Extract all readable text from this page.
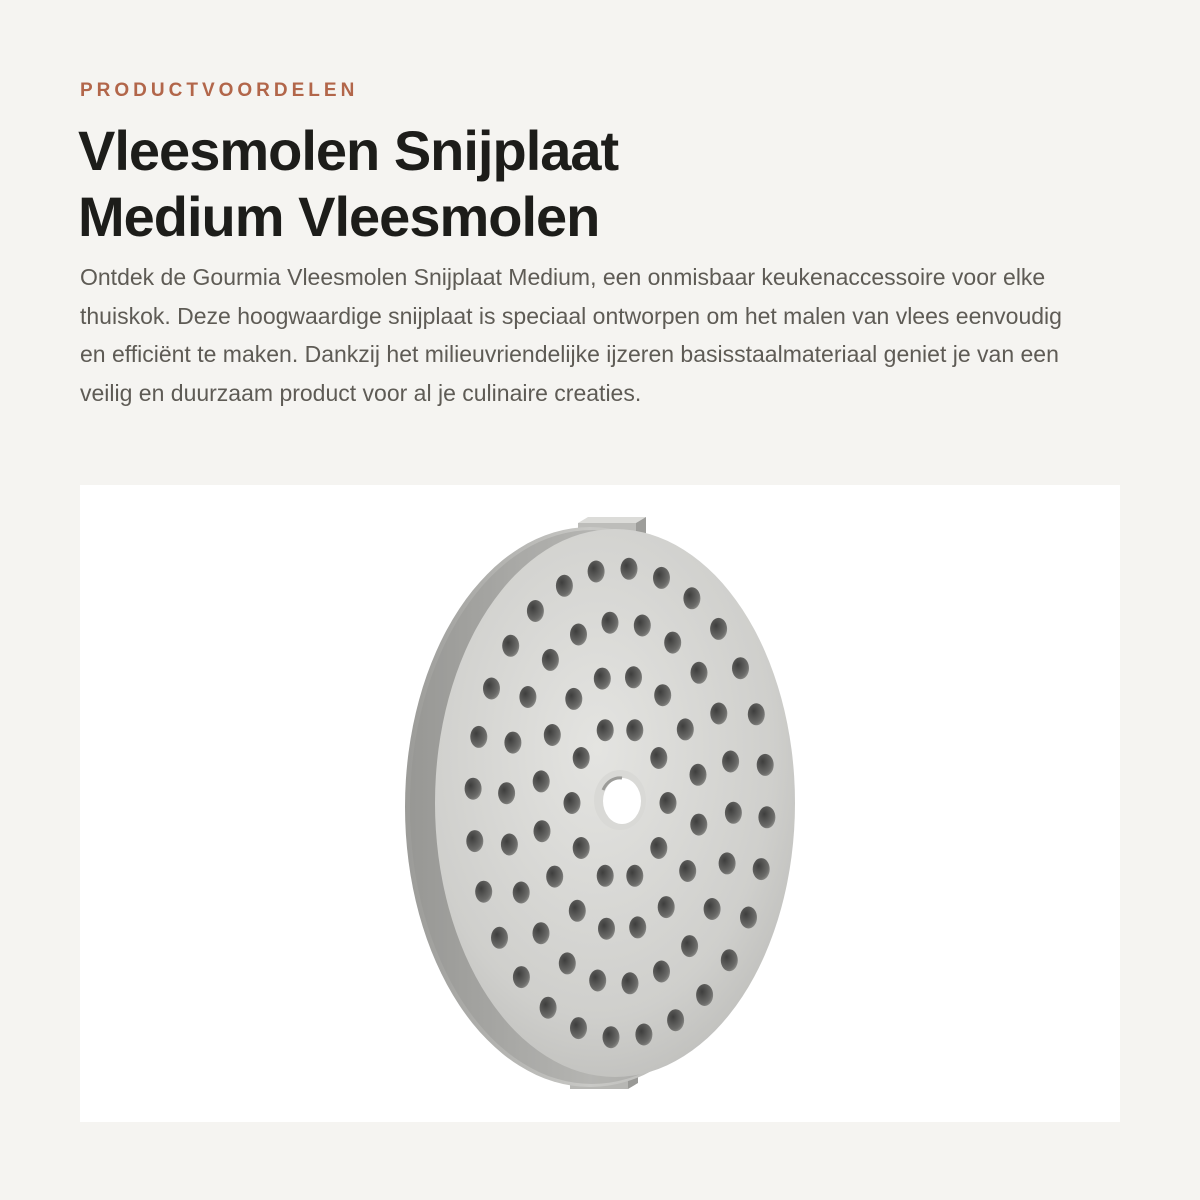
PRODUCTVOORDELEN
Vleesmolen Snijplaat
Medium Vleesmolen

Ontdek de Gourmia Vleesmolen Snijplaat Medium, een onmisbaar keukenaccessoire voor elke thuiskok. Deze hoogwaardige snijplaat is speciaal ontworpen om het malen van vlees eenvoudig en efficiënt te maken. Dankzij het milieuvriendelijke ijzeren basisstaalmateriaal geniet je van een veilig en duurzaam product voor al je culinaire creaties.
